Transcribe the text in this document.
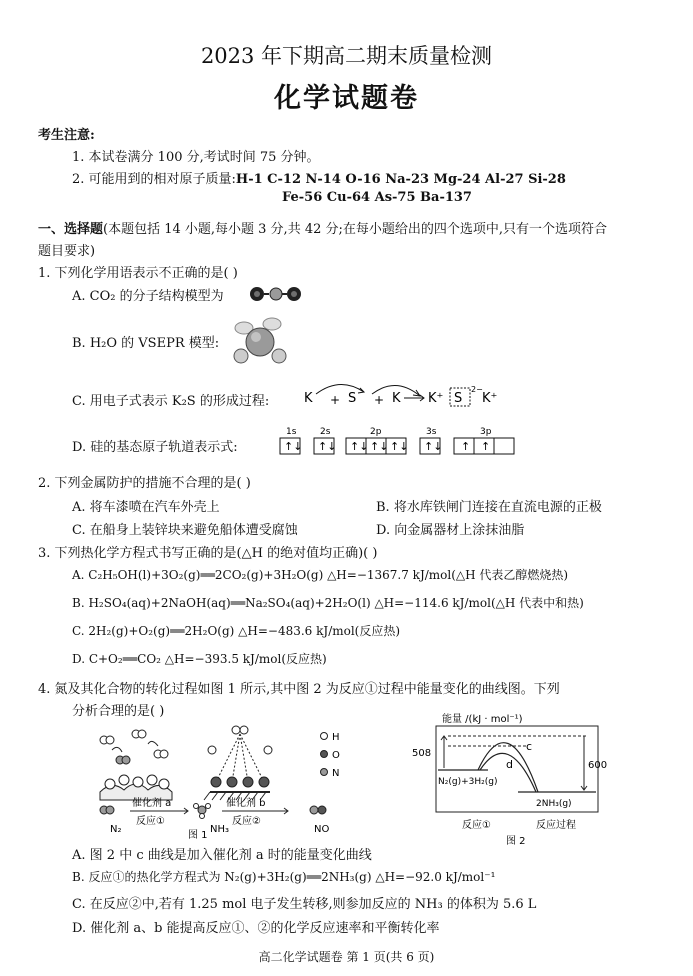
2023 年下期高二期末质量检测
化学试题卷
考生注意:
1. 本试卷满分 100 分,考试时间 75 分钟。
2. 可能用到的相对原子质量:H-1 C-12 N-14 O-16 Na-23 Mg-24 Al-27 Si-28
Fe-56 Cu-64 As-75 Ba-137
一、选择题(本题包括 14 小题,每小题 3 分,共 42 分;在每小题给出的四个选项中,只有一个选项符合
题目要求)
1. 下列化学用语表示不正确的是( )
A. CO₂ 的分子结构模型为
B. H₂O 的 VSEPR 模型:
C. 用电子式表示 K₂S 的形成过程:	K + S + K K⁺ S
2−
K⁺
D. 硅的基态原子轨道表示式:
1s
↑↓
2s
↑↓
2p
↑↓ ↑↓ ↑↓
3s
↑↓
3p
↑ ↑
2. 下列金属防护的措施不合理的是( )
A. 将车漆喷在汽车外壳上	B. 将水库铁闸门连接在直流电源的正极
C. 在船身上装锌块来避免船体遭受腐蚀	D. 向金属器材上涂抹油脂
3. 下列热化学方程式书写正确的是(△H 的绝对值均正确)( )
A. C₂H₅OH(l)+3O₂(g)══2CO₂(g)+3H₂O(g) △H=−1367.7 kJ/mol(△H 代表乙醇燃烧热)
B. H₂SO₄(aq)+2NaOH(aq)══Na₂SO₄(aq)+2H₂O(l) △H=−114.6 kJ/mol(△H 代表中和热)
C. 2H₂(g)+O₂(g)══2H₂O(g) △H=−483.6 kJ/mol(反应热)
D. C+O₂══CO₂ △H=−393.5 kJ/mol(反应热)
4. 氮及其化合物的转化过程如图 1 所示,其中图 2 为反应①过程中能量变化的曲线图。下列
分析合理的是( )
H
O
N
催化剂 a
反应①
催化剂 b
反应②
N₂	NH₃	NO
图 1
能量 /(kJ · mol⁻¹)
508
600
c
d
N₂(g)+3H₂(g)
2NH₃(g)
反应①	反应过程
图 2
A. 图 2 中 c 曲线是加入催化剂 a 时的能量变化曲线
B. 反应①的热化学方程式为 N₂(g)+3H₂(g)══2NH₃(g) △H=−92.0 kJ/mol⁻¹
C. 在反应②中,若有 1.25 mol 电子发生转移,则参加反应的 NH₃ 的体积为 5.6 L
D. 催化剂 a、b 能提高反应①、②的化学反应速率和平衡转化率
高二化学试题卷 第 1 页(共 6 页)
